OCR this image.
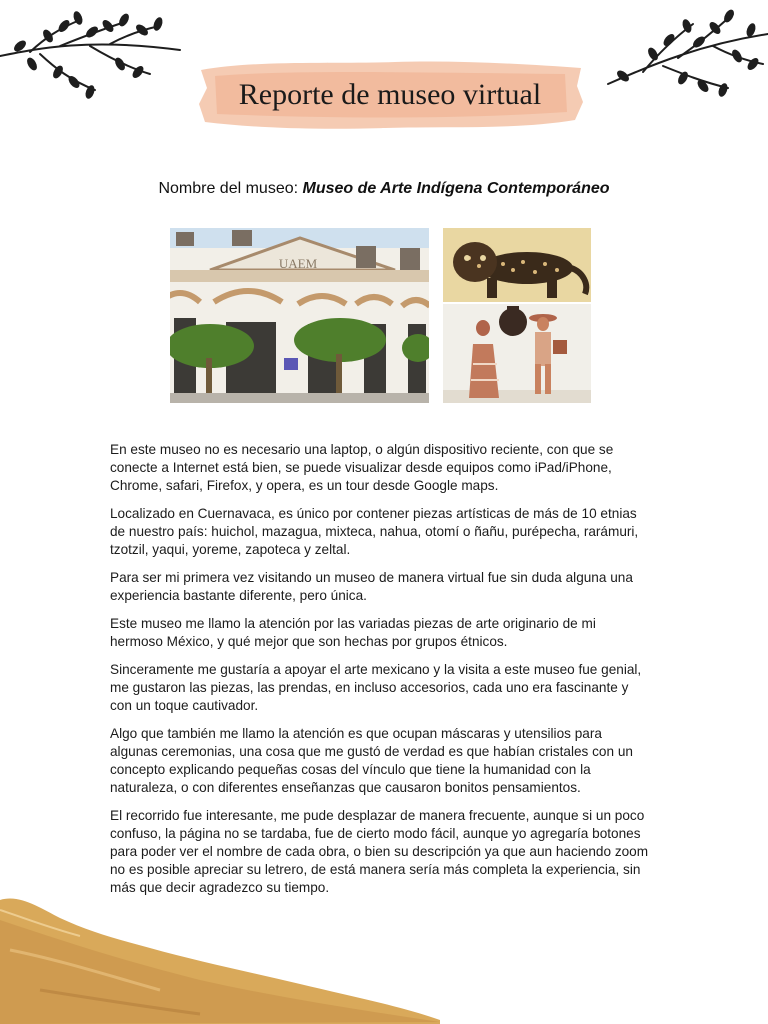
Reporte de museo virtual
Nombre del museo: Museo de Arte Indígena Contemporáneo
UAEM

En este museo no es necesario una laptop, o algún dispositivo reciente, con que se conecte a Internet está bien, se puede visualizar desde equipos como iPad/iPhone, Chrome, safari, Firefox, y opera, es un tour desde Google maps.

Localizado en Cuernavaca, es único por contener piezas artísticas de más de 10 etnias de nuestro país: huichol, mazagua, mixteca, nahua, otomí o ñañu, purépecha, rarámuri, tzotzil, yaqui, yoreme, zapoteca y zeltal.

Para ser mi primera vez visitando un museo de manera virtual fue sin duda alguna una experiencia bastante diferente, pero única.

Este museo me llamo la atención por las variadas piezas de arte originario de mi hermoso México, y qué mejor que son hechas por grupos étnicos.

Sinceramente me gustaría a apoyar el arte mexicano y la visita a este museo fue genial, me gustaron las piezas, las prendas, en incluso accesorios, cada uno era fascinante y con un toque cautivador.

Algo que también me llamo la atención es que ocupan máscaras y utensilios para algunas ceremonias, una cosa que me gustó de verdad es que habían cristales con un concepto explicando pequeñas cosas del vínculo que tiene la humanidad con la naturaleza, o con diferentes enseñanzas que causaron bonitos pensamientos.

El recorrido fue interesante, me pude desplazar de manera frecuente, aunque si un poco confuso, la página no se tardaba, fue de cierto modo fácil, aunque yo agregaría botones para poder ver el nombre de cada obra, o bien su descripción ya que aun haciendo zoom no es posible apreciar su letrero, de está manera sería más completa la experiencia, sin más que decir agradezco su tiempo.
